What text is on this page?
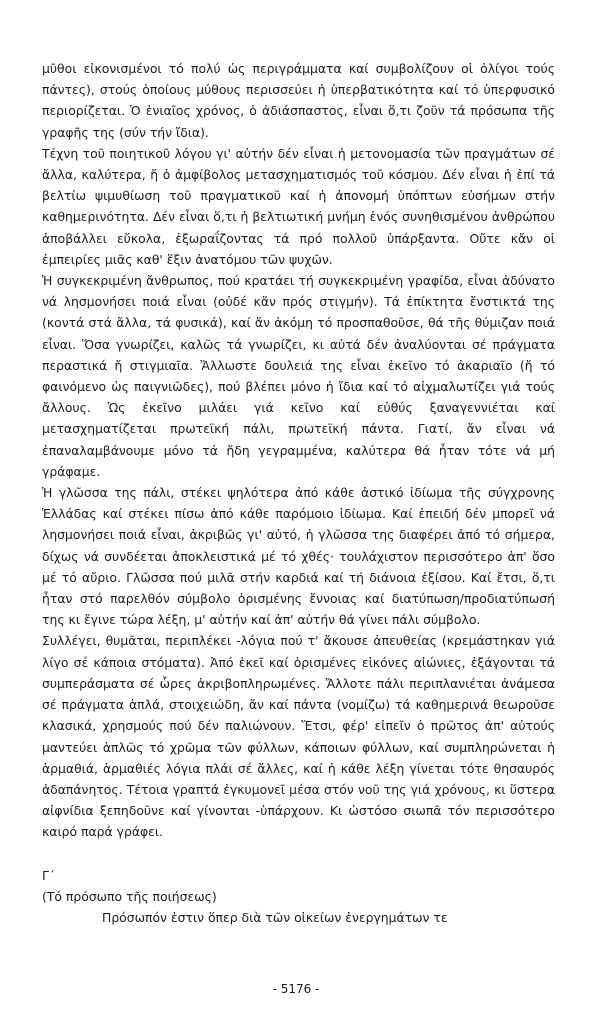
μῦθοι εἰκονισμένοι τό πολύ ὡς περιγράμματα καί συμβολίζουν οἱ ὀλίγοι τούς πάντες), στούς ὁποίους μύθους περισσεύει ἡ ὑπερβατικότητα καί τό ὑπερφυσικό περιορίζεται. Ὁ ἐνιαῖος χρόνος, ὁ ἀδιάσπαστος, εἶναι ὅ,τι ζοῦν τά πρόσωπα τῆς γραφῆς της (σύν τήν ἴδια).

Τέχνη τοῦ ποιητικοῦ λόγου γι' αὐτήν δέν εἶναι ἡ μετονομασία τῶν πραγμάτων σέ ἄλλα, καλύτερα, ἤ ὁ ἀμφίβολος μετασχηματισμός τοῦ κόσμου. Δέν εἶναι ἡ ἐπί τά βελτίω ψιμυθίωση τοῦ πραγματικοῦ καί ἡ ἀπονομή ὑπόπτων εὐσήμων στήν καθημερινότητα. Δέν εἶναι ὅ,τι ἡ βελτιωτική μνήμη ἑνός συνηθισμένου ἀνθρώπου ἀποβάλλει εὔκολα, ἐξωραΐζοντας τά πρό πολλοῦ ὑπάρξαντα. Οὔτε κἄν οἱ ἐμπειρίες μιᾶς καθ' ἕξιν ἀνατόμου τῶν ψυχῶν.

Ἡ συγκεκριμένη ἄνθρωπος, πού κρατάει τή συγκεκριμένη γραφίδα, εἶναι ἀδύνατο νά λησμονήσει ποιά εἶναι (οὐδέ κἄν πρός στιγμήν). Τά ἐπίκτητα ἔνστικτά της (κοντά στά ἄλλα, τά φυσικά), καί ἄν ἀκόμη τό προσπαθοῦσε, θά τῆς θύμιζαν ποιά εἶναι. Ὅσα γνωρίζει, καλῶς τά γνωρίζει, κι αὐτά δέν ἀναλύονται σέ πράγματα περαστικά ἤ στιγμιαῖα. Ἄλλωστε δουλειά της εἶναι ἐκεῖνο τό ἀκαριαῖο (ἤ τό φαινόμενο ὡς παιγνιῶδες), πού βλέπει μόνο ἡ ἴδια καί τό αἰχμαλωτίζει γιά τούς ἄλλους. Ὡς ἐκεῖνο μιλάει γιά κεῖνο καί εὐθύς ξαναγεννιέται καί μετασχηματίζεται πρωτεϊκή πάλι, πρωτεϊκή πάντα. Γιατί, ἄν εἶναι νά ἐπαναλαμβάνουμε μόνο τά ἤδη γεγραμμένα, καλύτερα θά ἦταν τότε νά μή γράφαμε.

Ἡ γλῶσσα της πάλι, στέκει ψηλότερα ἀπό κάθε ἀστικό ἰδίωμα τῆς σύγχρονης Ἑλλάδας καί στέκει πίσω ἀπό κάθε παρόμοιο ἰδίωμα. Καί ἐπειδή δέν μπορεῖ νά λησμονήσει ποιά εἶναι, ἀκριβῶς γι' αὐτό, ἡ γλῶσσα της διαφέρει ἀπό τό σήμερα, δίχως νά συνδέεται ἀποκλειστικά μέ τό χθές· τουλάχιστον περισσότερο ἀπ' ὅσο μέ τό αὔριο. Γλῶσσα πού μιλᾶ στήν καρδιά καί τή διάνοια ἐξίσου. Καί ἔτσι, ὅ,τι ἦταν στό παρελθόν σύμβολο ὁρισμένης ἔννοιας καί διατύπωση/προδιατύπωσή της κι ἔγινε τώρα λέξη, μ' αὐτήν καί ἀπ' αὐτήν θά γίνει πάλι σύμβολο.

Συλλέγει, θυμᾶται, περιπλέκει -λόγια πού τ' ἄκουσε ἀπευθείας (κρεμάστηκαν γιά λίγο σέ κάποια στόματα). Ἀπό ἐκεῖ καί ὁρισμένες εἰκόνες αἰώνιες, ἐξάγονται τά συμπεράσματα σέ ὧρες ἀκριβοπληρωμένες. Ἄλλοτε πάλι περιπλανιέται ἀνάμεσα σέ πράγματα ἁπλά, στοιχειώδη, ἄν καί πάντα (νομίζω) τά καθημερινά θεωροῦσε κλασικά, χρησμούς πού δέν παλιώνουν. Ἔτσι, φέρ' εἰπεῖν ὁ πρῶτος ἀπ' αὐτούς μαντεύει ἁπλῶς τό χρῶμα τῶν φύλλων, κάποιων φύλλων, καί συμπληρώνεται ἡ ἁρμαθιά, ἁρμαθιές λόγια πλάι σέ ἄλλες, καί ἡ κάθε λέξη γίνεται τότε θησαυρός ἀδαπάνητος. Τέτοια γραπτά ἐγκυμονεῖ μέσα στόν νοῦ της γιά χρόνους, κι ὕστερα αἰφνίδια ξεπηδοῦνε καί γίνονται -ὑπάρχουν. Κι ὡστόσο σιωπᾶ τόν περισσότερο καιρό παρά γράφει.

Γ΄

(Τό πρόσωπο τῆς ποιήσεως)

Πρόσωπόν ἐστιν ὅπερ διὰ τῶν οἰκείων ἐνεργημάτων τε

- 5176 -
